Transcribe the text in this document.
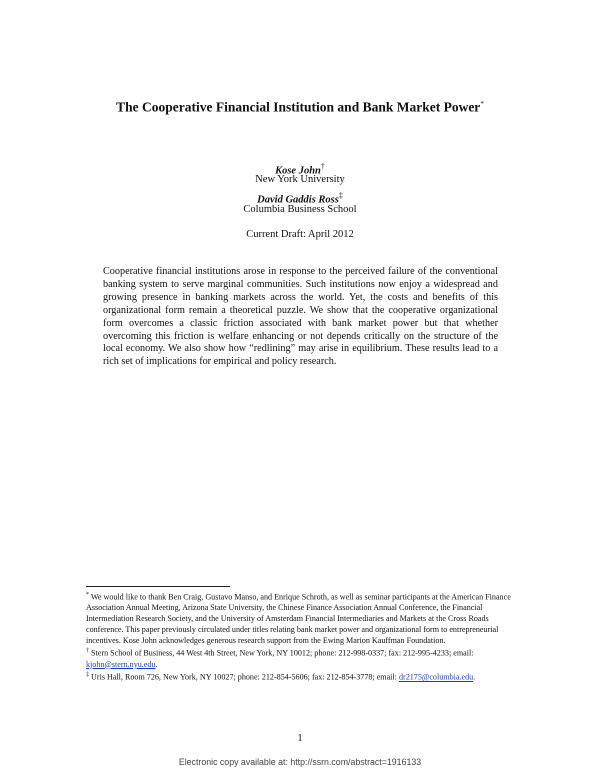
The Cooperative Financial Institution and Bank Market Power*
Kose John†
New York University
David Gaddis Ross‡
Columbia Business School
Current Draft: April 2012
Cooperative financial institutions arose in response to the perceived failure of the conventional banking system to serve marginal communities. Such institutions now enjoy a widespread and growing presence in banking markets across the world. Yet, the costs and benefits of this organizational form remain a theoretical puzzle. We show that the cooperative organizational form overcomes a classic friction associated with bank market power but that whether overcoming this friction is welfare enhancing or not depends critically on the structure of the local economy. We also show how “redlining” may arise in equilibrium. These results lead to a rich set of implications for empirical and policy research.

* We would like to thank Ben Craig, Gustavo Manso, and Enrique Schroth, as well as seminar participants at the American Finance Association Annual Meeting, Arizona State University, the Chinese Finance Association Annual Conference, the Financial Intermediation Research Society, and the University of Amsterdam Financial Intermediaries and Markets at the Cross Roads conference. This paper previously circulated under titles relating bank market power and organizational form to entrepreneurial incentives. Kose John acknowledges generous research support from the Ewing Marion Kauffman Foundation.

† Stern School of Business, 44 West 4th Street, New York, NY 10012; phone: 212-998-0337; fax: 212-995-4233; email: kjohn@stern.nyu.edu.

‡ Uris Hall, Room 726, New York, NY 10027; phone: 212-854-5606; fax: 212-854-3778; email: dr2175@columbia.edu.

1
Electronic copy available at: http://ssrn.com/abstract=1916133
